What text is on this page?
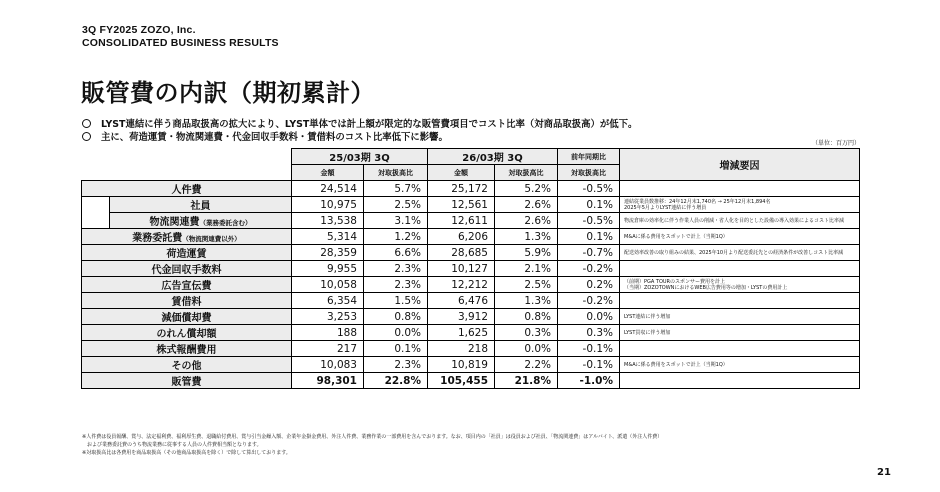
3Q FY2025 ZOZO, Inc.
CONSOLIDATED BUSINESS RESULTS
販管費の内訳（期初累計）
LYST連結に伴う商品取扱高の拡大により、LYST単体では計上額が限定的な販管費項目でコスト比率（対商品取扱高）が低下。
主に、荷造運賃・物流関連費・代金回収手数料・賃借料のコスト比率低下に影響。
（単位：百万円）
		25/03期 3Q		26/03期 3Q		前年同期比	増減要因
		金額	対取扱高比	金額	対取扱高比	対取扱高比	
人件費		24,514	5.7%	25,172	5.2%	-0.5%	
	社員	10,975	2.5%	12,561	2.6%	0.1%	連結従業員数推移：24年12月末1,740名 → 25年12月末1,894名
2025年5月よりLYST連結に伴う増員

	物流関連費（業務委託含む）	13,538	3.1%	12,611	2.6%	-0.5%	物流倉庫の効率化に伴う作業人員の削減・省人化を目的とした設備の導入効果によるコスト比率減

業務委託費（物流関連費以外）		5,314	1.2%	6,206	1.3%	0.1%	M&Aに係る費用をスポットで計上（当期1Q）

荷造運賃		28,359	6.6%	28,685	5.9%	-0.7%	配送効率改善の取り組みの結果、2025年10月より配送委託先との経済条件が改善しコスト比率減

代金回収手数料		9,955	2.3%	10,127	2.1%	-0.2%	
広告宣伝費		10,058	2.3%	12,212	2.5%	0.2%	（前期）PGA TOURのスポンサー費用を計上
（当期）ZOZOTOWNにおけるWEB広告費用等の増加・LYSTの費用計上

賃借料		6,354	1.5%	6,476	1.3%	-0.2%	
減価償却費		3,253	0.8%	3,912	0.8%	0.0%	LYST連結に伴う増加

のれん償却額		188	0.0%	1,625	0.3%	0.3%	LYST買収に伴う増加

株式報酬費用		217	0.1%	218	0.0%	-0.1%	
その他		10,083	2.3%	10,819	2.2%	-0.1%	M&Aに係る費用をスポットで計上（当期1Q）

販管費		98,301	22.8%	105,455	21.8%	-1.0%	
※人件費は役員報酬、賞与、法定福利費、福利厚生費、退職給付費用、賞与引当金繰入額、企業年金掛金費用、外注人件費、業務作業の一部費用を含んでおります。なお、項目内の「社員」は役員および社員、「物流関連費」はアルバイト、派遣（外注人件費）
　および業務委託費のうち物流業務に従事する人員の人件費相当額となります。
※対取扱高比は各費用を商品取扱高（その他商品取扱高を除く）で除して算出しております。
21
